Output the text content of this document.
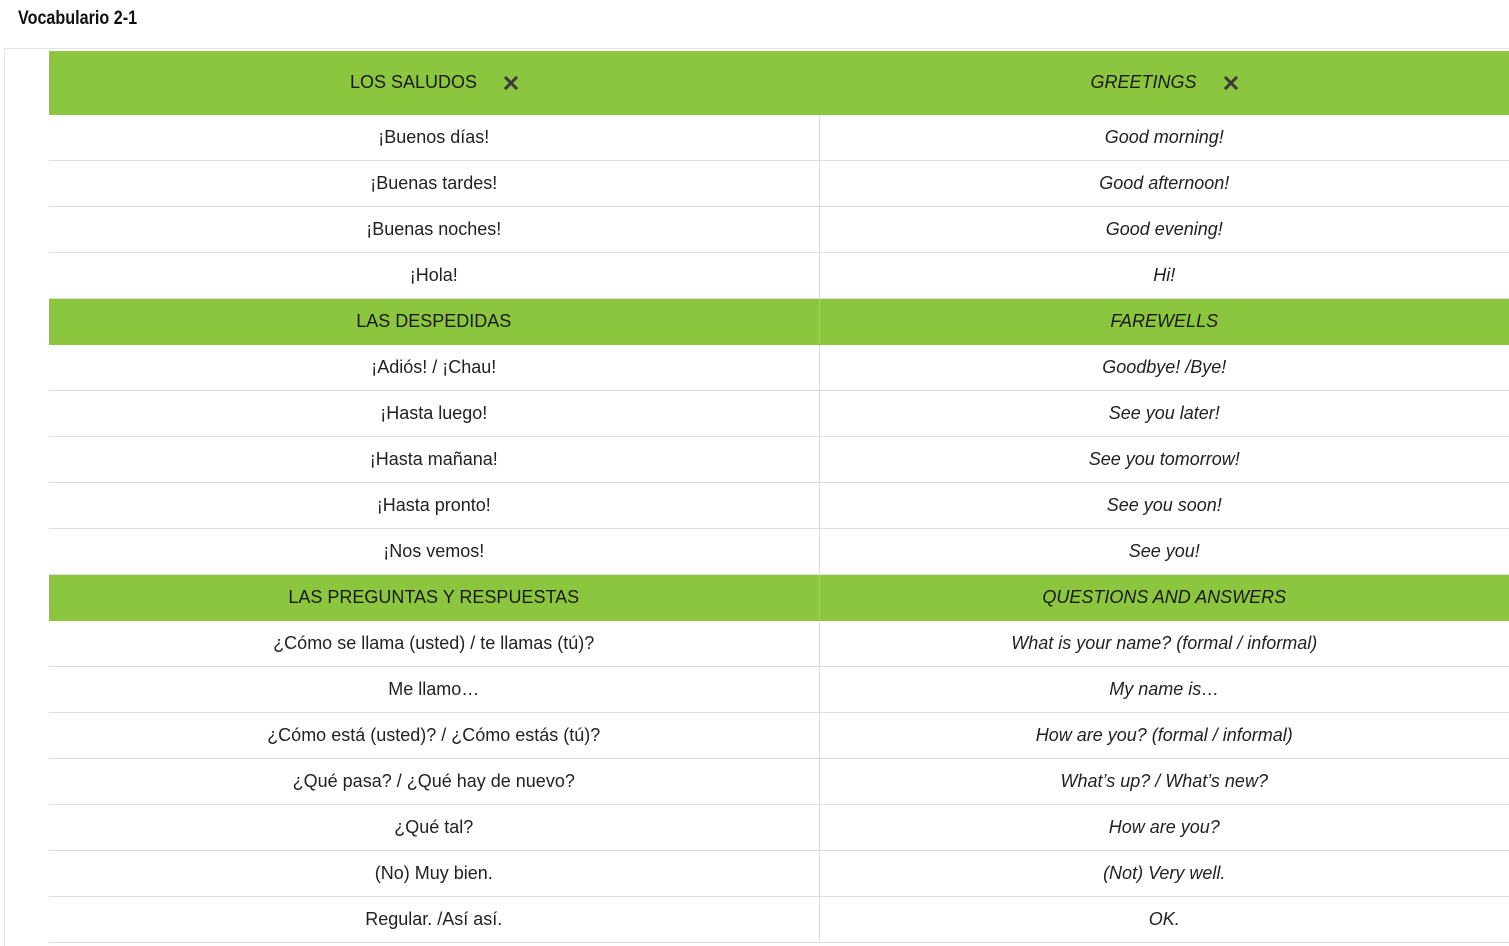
Vocabulario 2-1
LOS SALUDOS	GREETINGS

¡Buenos días!	Good morning!
¡Buenas tardes!	Good afternoon!
¡Buenas noches!	Good evening!
¡Hola!	Hi!
LAS DESPEDIDAS	FAREWELLS
¡Adiós! / ¡Chau!	Goodbye! /Bye!
¡Hasta luego!	See you later!
¡Hasta mañana!	See you tomorrow!
¡Hasta pronto!	See you soon!
¡Nos vemos!	See you!
LAS PREGUNTAS Y RESPUESTAS	QUESTIONS AND ANSWERS
¿Cómo se llama (usted) / te llamas (tú)?	What is your name? (formal / informal)
Me llamo…	My name is…
¿Cómo está (usted)? / ¿Cómo estás (tú)?	How are you? (formal / informal)
¿Qué pasa? / ¿Qué hay de nuevo?	What’s up? / What’s new?
¿Qué tal?	How are you?
(No) Muy bien.	(Not) Very well.
Regular. /Así así.	OK.
